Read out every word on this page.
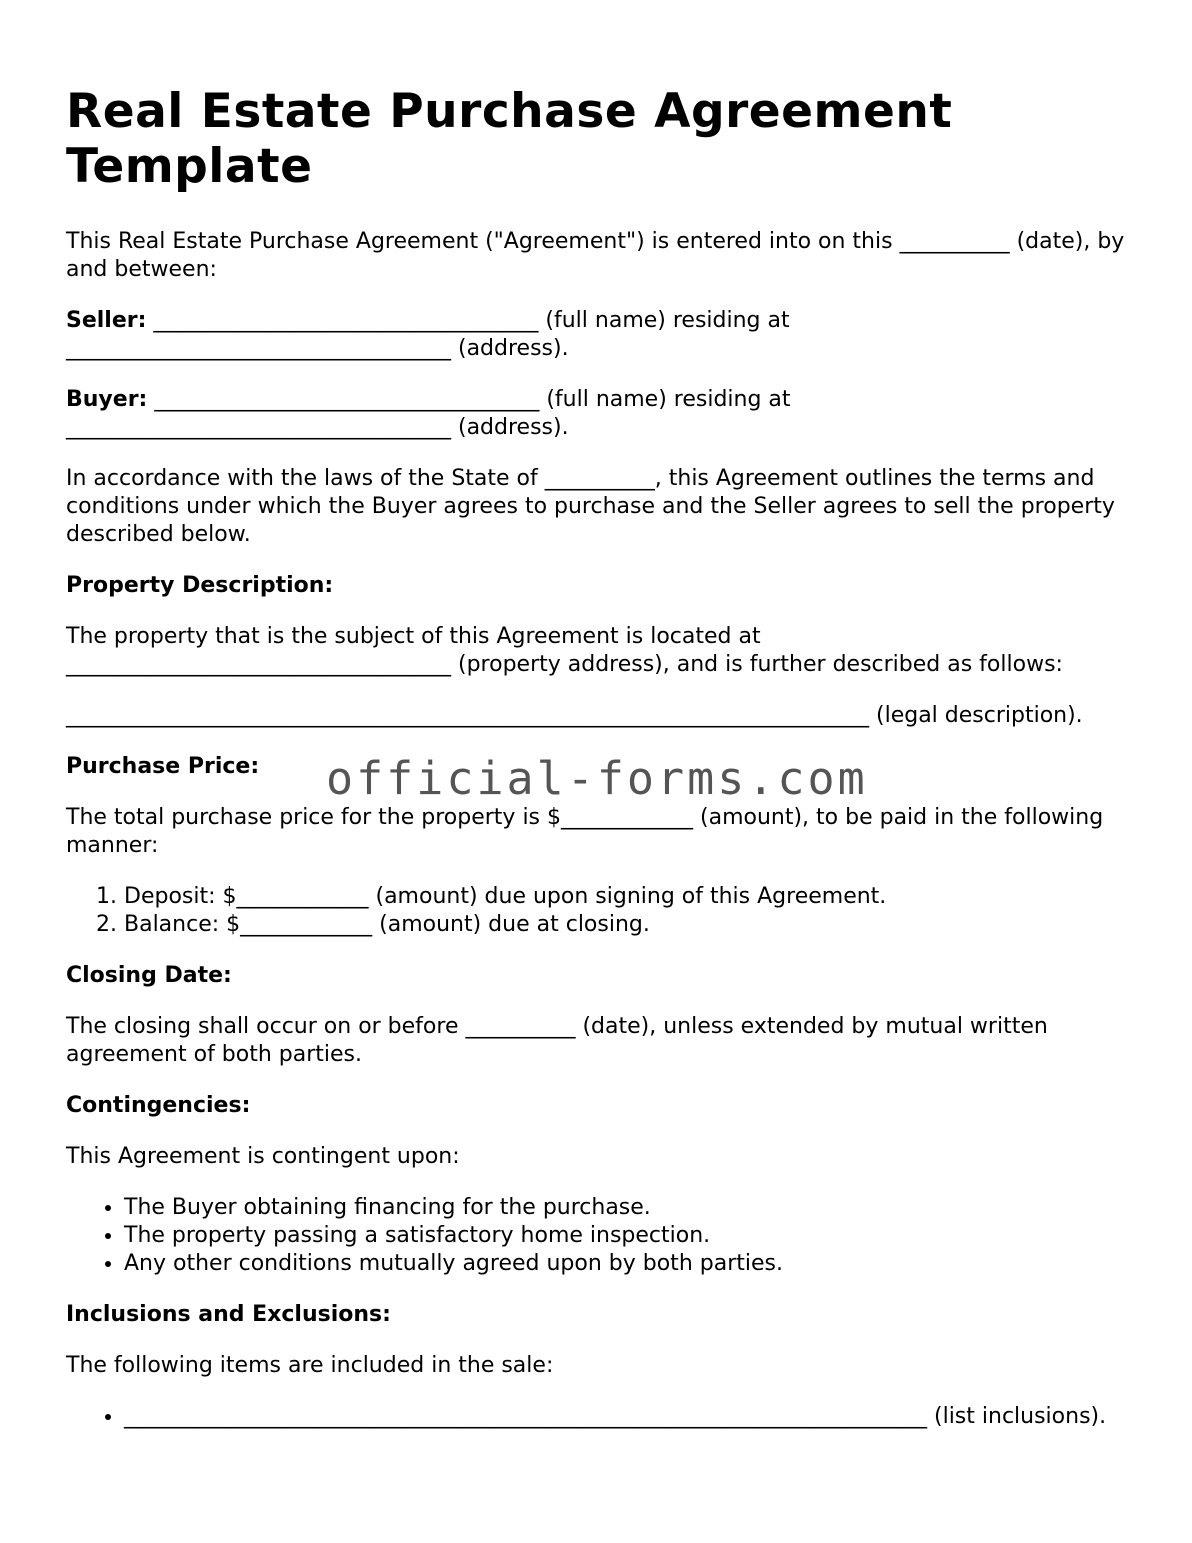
Real Estate Purchase Agreement Template

This Real Estate Purchase Agreement ("Agreement") is entered into on this __________ (date), by and between:

Seller: ___________________________________ (full name) residing at ___________________________________ (address).

Buyer: ___________________________________ (full name) residing at ___________________________________ (address).

In accordance with the laws of the State of __________, this Agreement outlines the terms and conditions under which the Buyer agrees to purchase and the Seller agrees to sell the property described below.

Property Description:

The property that is the subject of this Agreement is located at ___________________________________ (property address), and is further described as follows:

_________________________________________________________________________ (legal description).

Purchase Price:

The total purchase price for the property is $____________ (amount), to be paid in the following manner:

1. Deposit: $____________ (amount) due upon signing of this Agreement.
2. Balance: $____________ (amount) due at closing.
Closing Date:

The closing shall occur on or before __________ (date), unless extended by mutual written agreement of both parties.

Contingencies:

This Agreement is contingent upon:

• The Buyer obtaining financing for the purchase.
• The property passing a satisfactory home inspection.
• Any other conditions mutually agreed upon by both parties.
Inclusions and Exclusions:

The following items are included in the sale:

• _________________________________________________________________________ (list inclusions).
official-forms.com
